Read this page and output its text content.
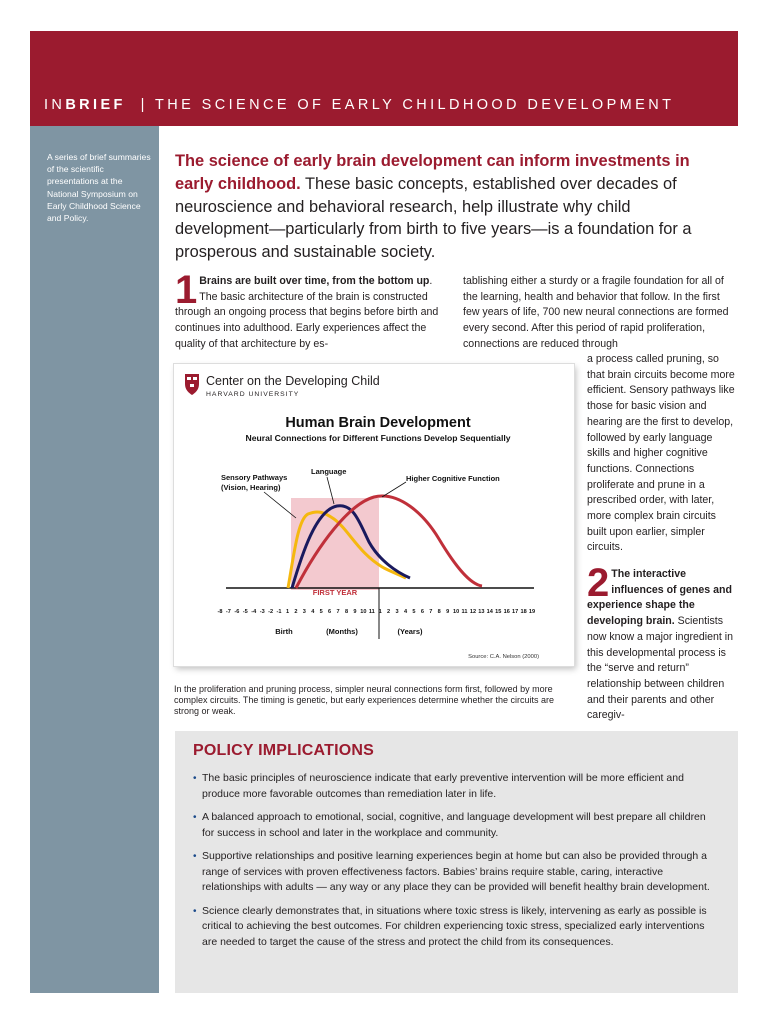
INBRIEF | THE SCIENCE OF EARLY CHILDHOOD DEVELOPMENT
A series of brief summaries of the scientific presentations at the National Symposium on Early Childhood Science and Policy.
The science of early brain development can inform investments in early childhood. These basic concepts, established over decades of neuroscience and behavioral research, help illustrate why child development—particularly from birth to five years—is a foundation for a prosperous and sustainable society.
1 Brains are built over time, from the bottom up. The basic architecture of the brain is constructed through an ongoing process that begins before birth and continues into adulthood. Early experiences affect the quality of that architecture by es-
tablishing either a sturdy or a fragile foundation for all of the learning, health and behavior that follow. In the first few years of life, 700 new neural connections are formed every second. After this period of rapid proliferation, connections are reduced through
a process called pruning, so that brain circuits become more efficient. Sensory pathways like those for basic vision and hearing are the first to develop, followed by early language skills and higher cognitive functions. Connections proliferate and prune in a prescribed order, with later, more complex brain circuits built upon earlier, simpler circuits.
2 The interactive influences of genes and experience shape the developing brain. Scientists now know a major ingredient in this developmental process is the “serve and return” relationship between children and their parents and other caregiv-
Center on the Developing Child
HARVARD UNIVERSITY
Human Brain Development
Neural Connections for Different Functions Develop Sequentially
FIRST YEAR
Sensory Pathways
(Vision, Hearing)
Language
Higher Cognitive Function
-8 -7 -6 -5 -4 -3 -2 -1 1 2 3 4 5 6 7 8 9 10 11 1 2 3 4 5 6 7 8 9 10 11 12 13 14 15 16 17 18 19
Birth	(Months)	(Years)
Source: C.A. Nelson (2000)
In the proliferation and pruning process, simpler neural connections form first, followed by more complex circuits. The timing is genetic, but early experiences determine whether the circuits are strong or weak.
POLICY IMPLICATIONS
• The basic principles of neuroscience indicate that early preventive intervention will be more efficient and produce more favorable outcomes than remediation later in life.
• A balanced approach to emotional, social, cognitive, and language development will best prepare all children for success in school and later in the workplace and community.
• Supportive relationships and positive learning experiences begin at home but can also be provided through a range of services with proven effectiveness factors. Babies’ brains require stable, caring, interactive relationships with adults — any way or any place they can be provided will benefit healthy brain development.
• Science clearly demonstrates that, in situations where toxic stress is likely, intervening as early as possible is critical to achieving the best outcomes. For children experiencing toxic stress, specialized early interventions are needed to target the cause of the stress and protect the child from its consequences.
